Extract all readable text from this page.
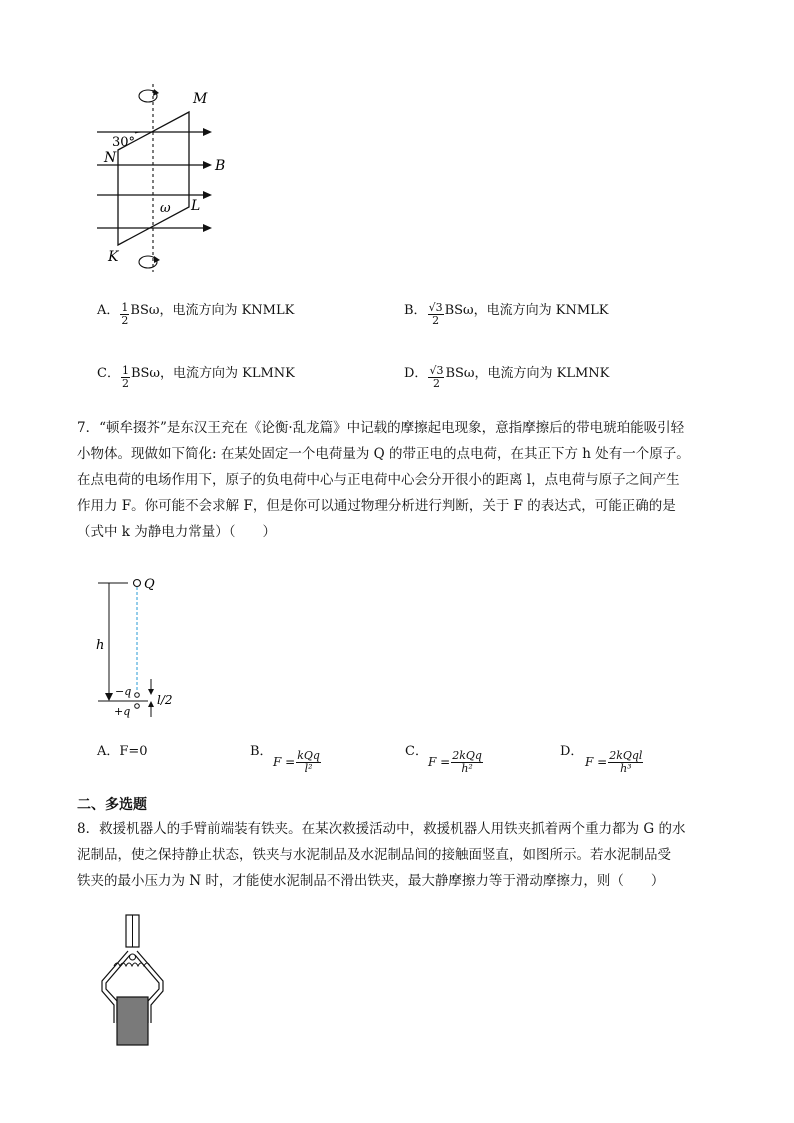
M
N
K
L
B
ω
30°
A． $\frac{1}{2}$ BSω，电流方向为 KNMLK	B． $\frac{√3}{2}$ BSω，电流方向为 KNMLK
C． $\frac{1}{2}$ BSω，电流方向为 KLMNK	D． $\frac{√3}{2}$ BSω，电流方向为 KLMNK
7．“顿牟掇芥”是东汉王充在《论衡·乱龙篇》中记载的摩擦起电现象，意指摩擦后的带电琥珀能吸引轻
小物体。现做如下简化: 在某处固定一个电荷量为 Q 的带正电的点电荷，在其正下方 h 处有一个原子。
在点电荷的电场作用下，原子的负电荷中心与正电荷中心会分开很小的距离 l，点电荷与原子之间产生
作用力 F。你可能不会求解 F，但是你可以通过物理分析进行判断，关于 F 的表达式，可能正确的是
（式中 k 为静电力常量）（　　）
Q
h
−q
+q
l/2
A．F=0	B．
$F = \frac{\text{kQq}}{\text{l²}}$	C．
$F = \frac{\text{2kQq}}{\text{h²}}$	D．
$F = \frac{\text{2kQql}}{\text{h³}}$
二、多选题
8．救援机器人的手臂前端装有铁夹。在某次救援活动中，救援机器人用铁夹抓着两个重力都为 G 的水
泥制品，使之保持静止状态，铁夹与水泥制品及水泥制品间的接触面竖直，如图所示。若水泥制品受
铁夹的最小压力为 N 时，才能使水泥制品不滑出铁夹，最大静摩擦力等于滑动摩擦力，则（　　）
